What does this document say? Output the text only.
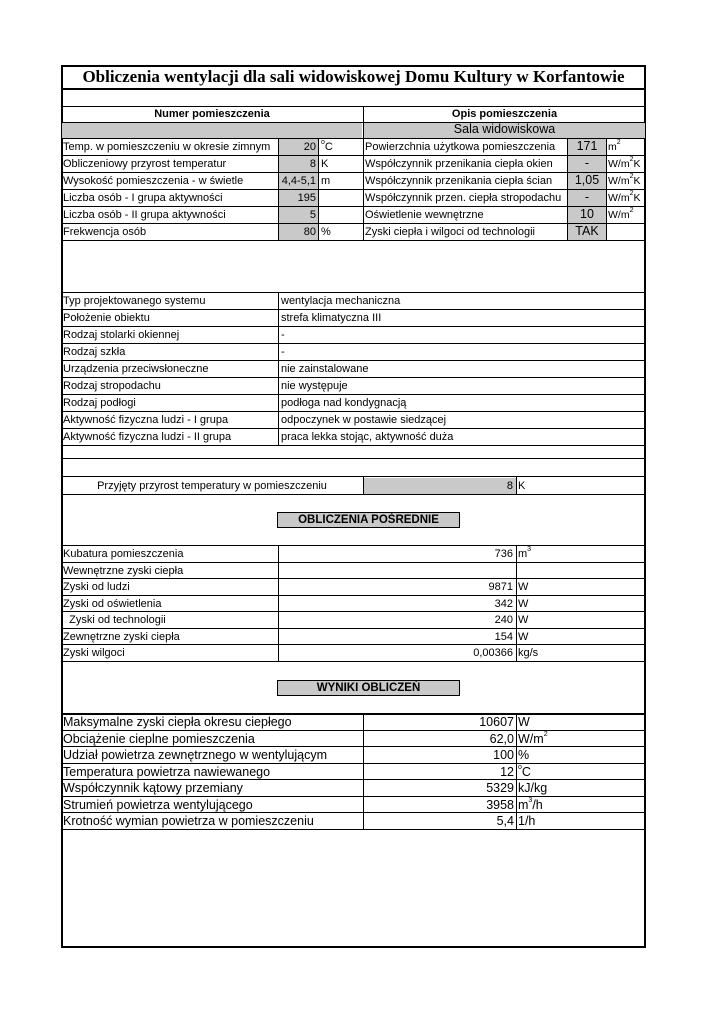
Obliczenia wentylacji dla sali widowiskowej Domu Kultury w Korfantowie
Numer pomieszczenia	Opis pomieszczenia
Sala widowiskowa
Temp. w pomieszczeniu w okresie zimnym	20 $^o$C	Powierzchnia użytkowa pomieszczenia	171	$m^2$
Obliczeniowy przyrost temperatur	8 K	Współczynnik przenikania ciepła okien	-	$W/m^2K$
Wysokość pomieszczenia - w świetle	4,4-5,1 m	Współczynnik przenikania ciepła ścian	1,05 $W/m^2K$
Liczba osób - I grupa aktywności	195	Współczynnik przen. ciepła stropodachu	-	$W/m^2K$
Liczba osób - II grupa aktywności	5	Oświetlenie wewnętrzne	10	$W/m^2$
Frekwencja osób	80 %	Zyski ciepła i wilgoci od technologii	TAK
Typ projektowanego systemu	wentylacja mechaniczna
Położenie obiektu	strefa klimatyczna III
Rodzaj stolarki okiennej	-
Rodzaj szkła	-
Urządzenia przeciwsłoneczne	nie zainstalowane
Rodzaj stropodachu	nie występuje
Rodzaj podłogi	podłoga nad kondygnacją
Aktywność fizyczna ludzi - I grupa	odpoczynek w postawie siedzącej
Aktywność fizyczna ludzi - II grupa	praca lekka stojąc, aktywność duża
Przyjęty przyrost temperatury w pomieszczeniu	8 K
OBLICZENIA POŚREDNIE
Kubatura pomieszczenia	736 $m^3$
Wewnętrzne zyski ciepła
Zyski od ludzi	9871 W
Zyski od oświetlenia	342 W
Zyski od technologii	240 W
Zewnętrzne zyski ciepła	154 W
Zyski wilgoci	0,00366 kg/s
WYNIKI OBLICZEŃ
Maksymalne zyski ciepła okresu ciepłego	10607 W
Obciążenie cieplne pomieszczenia	62,0 $W/m^2$
Udział powietrza zewnętrznego w wentylującym	100 %
Temperatura powietrza nawiewanego	12 $^o$C
Współczynnik kątowy przemiany	5329 kJ/kg
Strumień powietrza wentylującego	3958 $m^3/h$
Krotność wymian powietrza w pomieszczeniu	5,4 1/h
